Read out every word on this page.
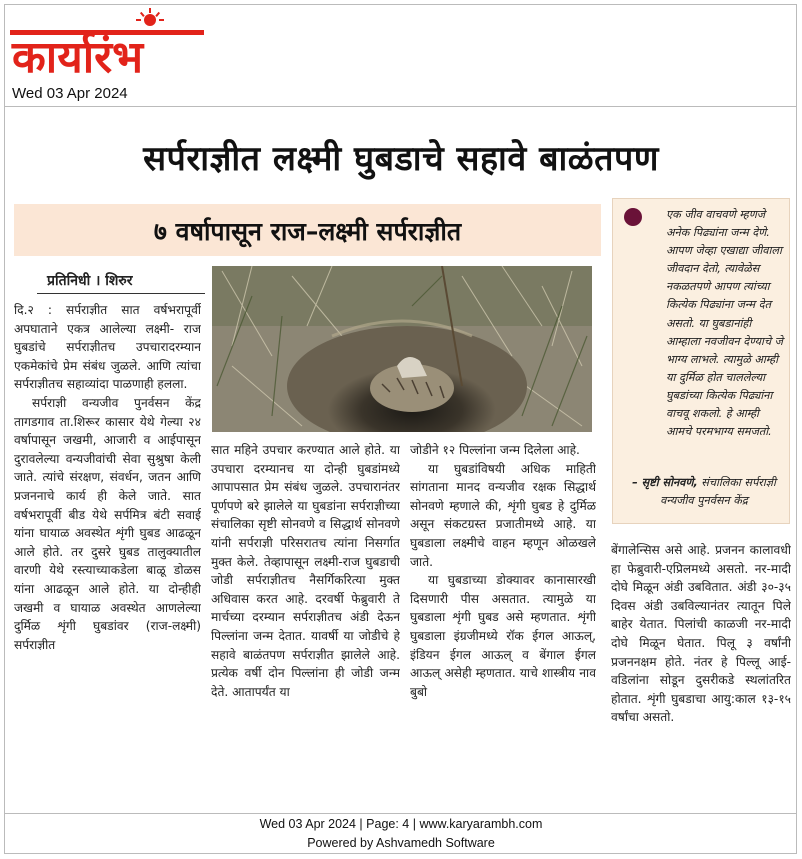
कार्यारंभ
Wed 03 Apr 2024
सर्पराज्ञीत लक्ष्मी घुबडाचे सहावे बाळंतपण
७ वर्षापासून राज–लक्ष्मी सर्पराज्ञीत
प्रतिनिधी । शिरुर

दि.२ : सर्पराज्ञीत सात वर्षभरापूर्वी अपघाताने एकत्र आलेल्या लक्ष्मी- राज घुबडांचे सर्पराज्ञीतच उपचारादरम्यान एकमेकांचे प्रेम संबंध जुळले. आणि त्यांचा सर्पराज्ञीतच सहाव्यांदा पाळणाही हलला.

सर्पराज्ञी वन्यजीव पुनर्वसन केंद्र तागडगाव ता.शिरूर कासार येथे गेल्या २४ वर्षापासून जखमी, आजारी व आईपासून दुरावलेल्या वन्यजीवांची सेवा सुश्रुषा केली जाते. त्यांचे संरक्षण, संवर्धन, जतन आणि प्रजननाचे कार्य ही केले जाते. सात वर्षभरापूर्वी बीड येथे सर्पमित्र बंटी सवाई यांना घायाळ अवस्थेत शृंगी घुबड आढळून आले होते. तर दुसरे घुबड तालुक्यातील वारणी येथे रस्त्याच्याकडेला बाळू डोळस यांना आढळून आले होते. या दोन्हीही जखमी व घायाळ अवस्थेत आणलेल्या दुर्मिळ शृंगी घुबडांवर (राज-लक्ष्मी) सर्पराज्ञीत

सात महिने उपचार करण्यात आले होते. या उपचारा दरम्यानच या दोन्ही घुबडांमध्ये आपापसात प्रेम संबंध जुळले. उपचारानंतर पूर्णपणे बरे झालेले या घुबडांना सर्पराज्ञीच्या संचालिका सृष्टी सोनवणे व सिद्धार्थ सोनवणे यांनी सर्पराज्ञी परिसरातच त्यांना निसर्गात मुक्त केले. तेव्हापासून लक्ष्मी-राज घुबडाची जोडी सर्पराज्ञीतच नैसर्गिकरित्या मुक्त अधिवास करत आहे. दरवर्षी फेब्रुवारी ते मार्चच्या दरम्यान सर्पराज्ञीतच अंडी देऊन पिल्लांना जन्म देतात. यावर्षी या जोडीचे हे सहावे बाळंतपण सर्पराज्ञीत झालेले आहे. प्रत्येक वर्षी दोन पिल्लांना ही जोडी जन्म देते. आतापर्यंत या

जोडीने १२ पिल्लांना जन्म दिलेला आहे.

या घुबडांविषयी अधिक माहिती सांगताना मानद वन्यजीव रक्षक सिद्धार्थ सोनवणे म्हणाले की, शृंगी घुबड हे दुर्मिळ असून संकटग्रस्त प्रजातीमध्ये आहे. या घुबडाला लक्ष्मीचे वाहन म्हणून ओळखले जाते.

या घुबडाच्या डोक्यावर कानासारखी दिसणारी पीस असतात. त्यामुळे या घुबडाला शृंगी घुबड असे म्हणतात. शृंगी घुबडाला इंग्रजीमध्ये रॉक ईगल आऊल्, इंडियन ईगल आऊल् व बेंगाल ईगल आऊल् असेही म्हणतात. याचे शास्त्रीय नाव बुबो

एक जीव वाचवणे म्हणजे अनेक पिढ्यांना जन्म देणे. आपण जेव्हा एखाद्या जीवाला जीवदान देतो, त्यावेळेस नकळतपणे आपण त्यांच्या कित्येक पिढ्यांना जन्म देत असतो. या घुबडानांही आम्हाला नवजीवन देण्याचे जे भाग्य लाभले. त्यामुळे आम्ही या दुर्मिळ होत चाललेल्या घुबडांच्या कित्येक पिढ्यांना वाचवू शकलो. हे आम्ही आमचे परमभाग्य समजतो.
– सृष्टी सोनवणे, संचालिका सर्पराज्ञी वन्यजीव पुनर्वसन केंद्र

बेंगालेन्सिस असे आहे. प्रजनन कालावधी हा फेब्रुवारी-एप्रिलमध्ये असतो. नर-मादी दोघे मिळून अंडी उबवितात. अंडी ३०-३५ दिवस अंडी उबविल्यानंतर त्यातून पिले बाहेर येतात. पिलांची काळजी नर-मादी दोघे मिळून घेतात. पिलू ३ वर्षांनी प्रजननक्षम होते. नंतर हे पिल्लू आई-वडिलांना सोडून दुसरीकडे स्थलांतरित होतात. शृंगी घुबडाचा आयु:काल १३-१५ वर्षांचा असतो.

Wed 03 Apr 2024 | Page: 4 | www.karyarambh.com
Powered by Ashvamedh Software
